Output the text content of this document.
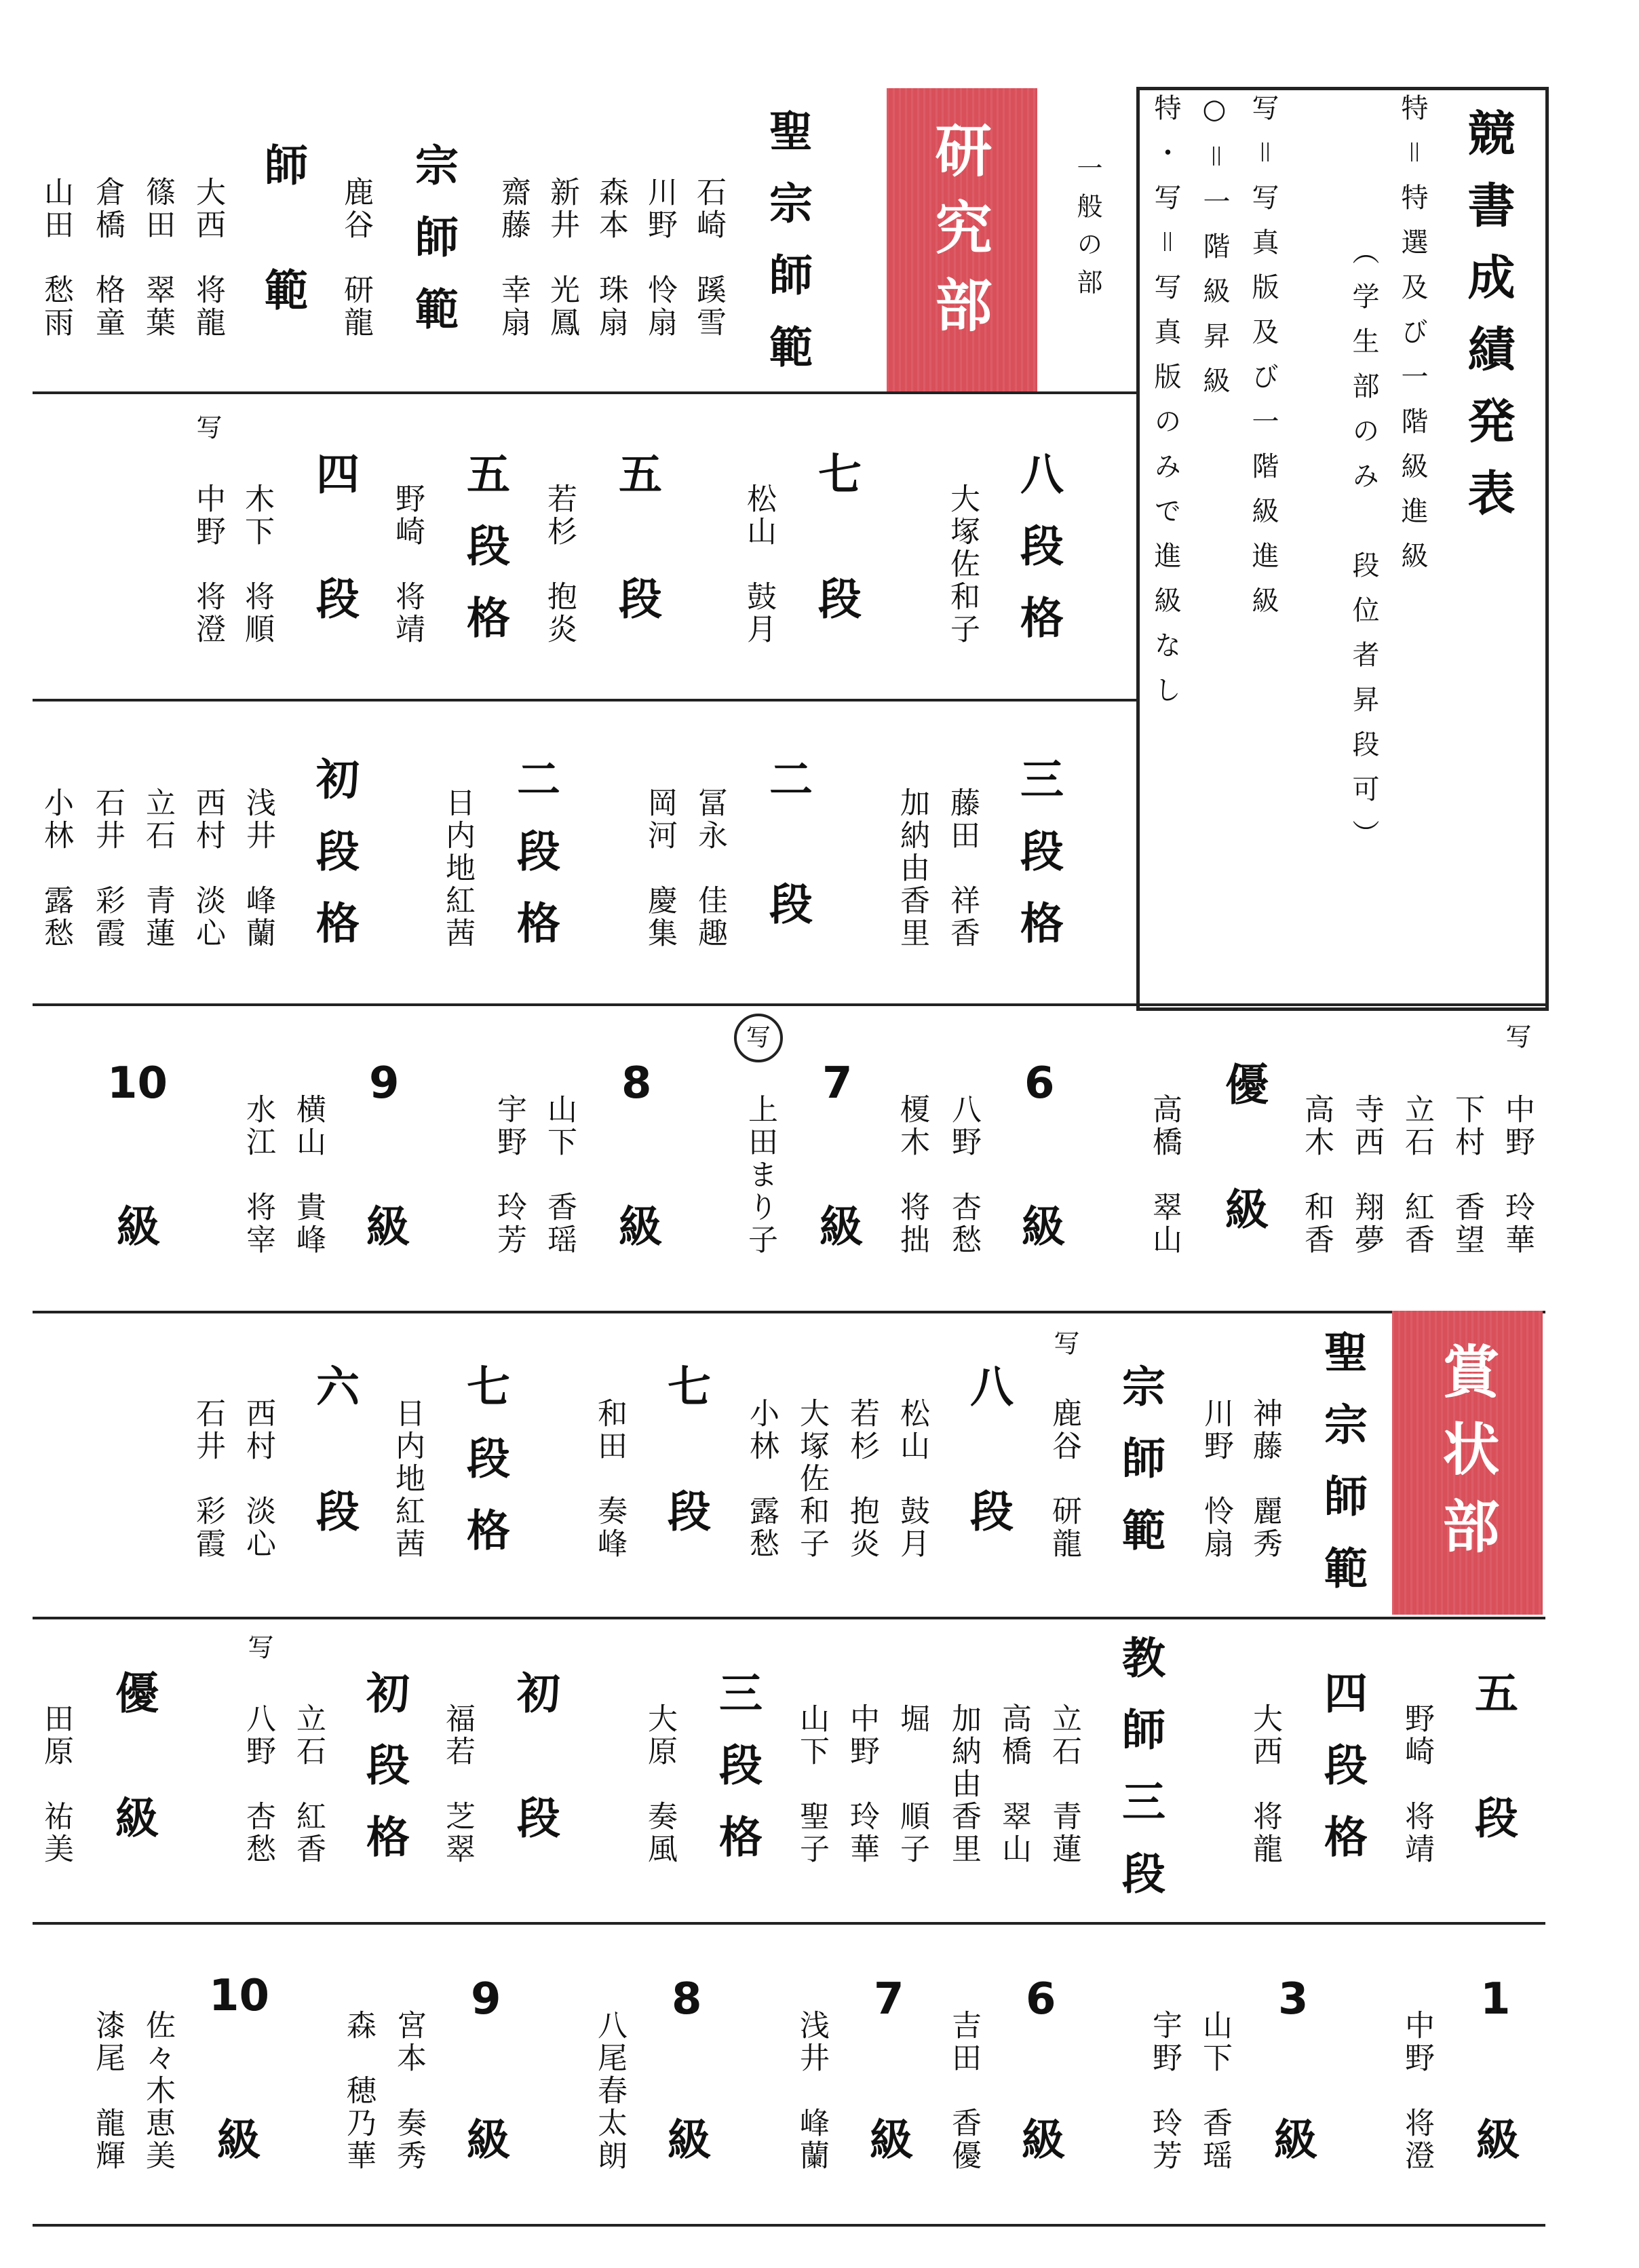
競書成績発表
特＝特選及び一階級進級
（学生部のみ　段位者昇段可）
写＝写真版及び一階級進級
○＝一階級昇級
特・写＝写真版のみで進級なし
研究部	一般の部
聖宗師範
石崎　蹊雪
川野　怜扇
森本　珠扇
新井　光鳳
齋藤　幸扇
宗師範
鹿谷　研龍
師範
大西　将龍
篠田　翠葉
倉橋　格童
山田　愁雨
八段格
大塚佐和子
七段
松山　鼓月
五段
若杉　抱炎
五段格
野崎　将靖
四段
木下　将順
中野　将澄
写
三段格
藤田　祥香
加納由香里
二段
冨永　佳趣
岡河　慶集
二段格
日内地紅茜
初段格
浅井　峰蘭
西村　淡心
立石　青蓮
石井　彩霞
小林　露愁
写
中野　玲華
下村　香望
立石　紅香
寺西　翔夢
高木　和香
優級
高橋　翠山
6
級
八野　杏愁
榎木　将拙
写
7
級
上田まり子
8
級
山下　香瑶
宇野　玲芳
9
級
横山　貴峰
水江　将宰
10
級
賞状部
聖宗師範
神藤　麗秀
川野　怜扇
宗師範
写
鹿谷　研龍
八段
松山　鼓月
若杉　抱炎
大塚佐和子
小林　露愁
七段
和田　奏峰
七段格
日内地紅茜
六段
西村　淡心
石井　彩霞
五段
野崎　将靖
四段格
大西　将龍
教師三段
立石　青蓮
高橋　翠山
加納由香里
堀　　順子
中野　玲華
山下　聖子
三段格
大原　奏風
初段
福若　芝翠
初段格
立石　紅香
写
八野　杏愁
優級
田原　祐美
1
級
中野　将澄
3
級
山下　香瑶
宇野　玲芳
6
級
吉田　香優
7
級
浅井　峰蘭
8
級
八尾春太朗
9
級
宮本　奏秀
森　穂乃華
10
級
佐々木恵美
漆尾　龍輝
